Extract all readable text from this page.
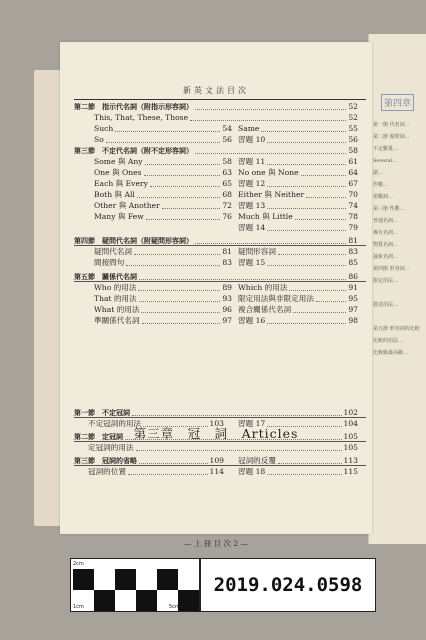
第四章
第一節 代名詞…
第二節 疑問詞…
不定數量…
Several…
副…
作數…
依數詞…
第三節 性數…
普通名詞…
專有名詞…
物質名詞…
抽象名詞…
第四節 形容詞…
限定用法…
敘述用法…
第五節 形容詞的比較
比較的用法…
比較級最高級…
新英文法目次
第二節　指示代名詞（附指示形容詞）	52
This, That, These, Those	52
Such	54 Same	55
So	56 習題 10	56
第三節　不定代名詞（附不定形容詞）	58
Some 與 Any	58 習題 11	61
One 與 Ones	63 No one 與 None	64
Each 與 Every	65 習題 12	67
Both 與 All	68 Either 與 Neither	70
Other 與 Another	72 習題 13	74
Many 與 Few	76 Much 與 Little	78
習題 14	79
第四節　疑問代名詞（附疑問形容詞）	81
疑問代名詞	81 疑問形容詞	83
間接問句	83 習題 15	85
第五節　關係代名詞	86
Who 的用法	89 Which 的用法	91
That 的用法	93 限定用法與非限定用法	95
What 的用法	96 複合關係代名詞	97
準關係代名詞	97 習題 16	98
第一節　不定冠詞	102
不定冠詞的用法	103 習題 17	104
第二節　定冠詞	105
定冠詞的用法	105
第三節　冠詞的省略	109 冠詞的反覆	113
冠詞的位置	114 習題 18	115
第三章　冠　詞　Articles
— 上 冊 目 次 2 —
2cm
1cm	5cm
2019.024.0598
